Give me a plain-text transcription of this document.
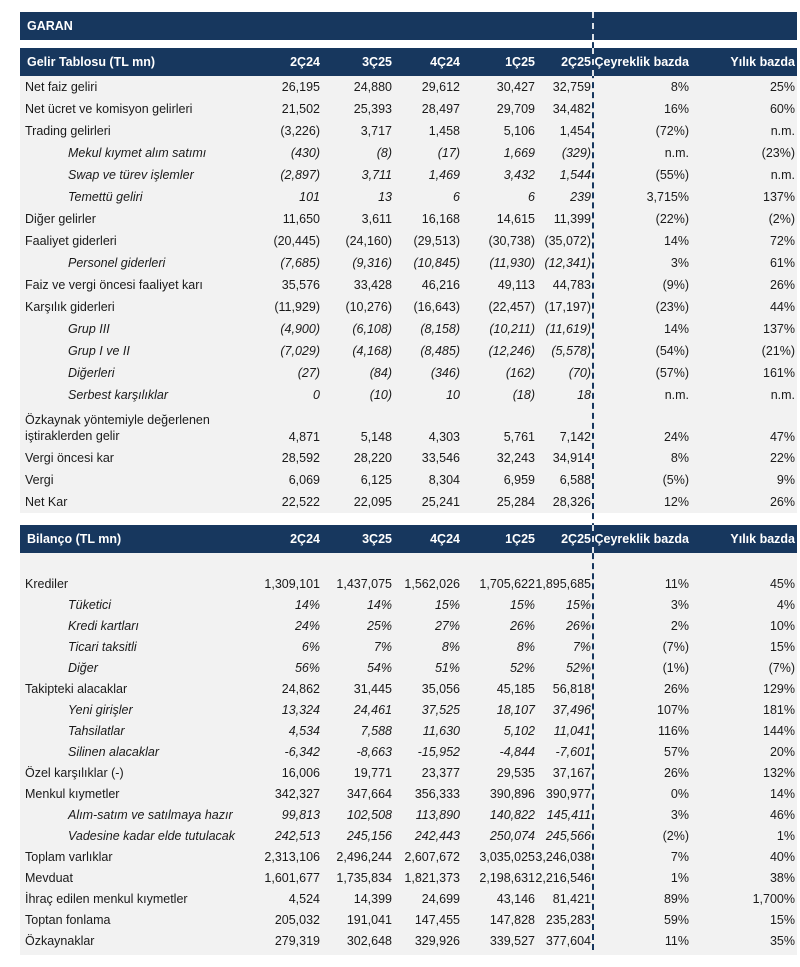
GARAN
Gelir Tablosu (TL mn)	2Ç24	3Ç25	4Ç24	1Ç25	2Ç25 Çeyreklik bazda	Yılık bazda
Net faiz geliri	26,195	24,880	29,612	30,427	32,759	8%	25%
Net ücret ve komisyon gelirleri	21,502	25,393	28,497	29,709	34,482	16%	60%
Trading gelirleri	(3,226)	3,717	1,458	5,106	1,454	(72%)	n.m.
Mekul kıymet alım satımı	(430)	(8)	(17)	1,669	(329)	n.m.	(23%)
Swap ve türev işlemler	(2,897)	3,711	1,469	3,432	1,544	(55%)	n.m.
Temettü geliri	101	13	6	6	239	3,715%	137%
Diğer gelirler	11,650	3,611	16,168	14,615	11,399	(22%)	(2%)
Faaliyet giderleri	(20,445)	(24,160)	(29,513)	(30,738) (35,072)	14%	72%
Personel giderleri	(7,685)	(9,316)	(10,845)	(11,930) (12,341)	3%	61%
Faiz ve vergi öncesi faaliyet karı	35,576	33,428	46,216	49,113	44,783	(9%)	26%
Karşılık giderleri	(11,929)	(10,276)	(16,643)	(22,457) (17,197)	(23%)	44%
Grup III	(4,900)	(6,108)	(8,158)	(10,211) (11,619)	14%	137%
Grup I ve II	(7,029)	(4,168)	(8,485)	(12,246)	(5,578)	(54%)	(21%)
Diğerleri	(27)	(84)	(346)	(162)	(70)	(57%)	161%
Serbest karşılıklar	0	(10)	10	(18)	18	n.m.	n.m.
Özkaynak yöntemiyle değerlenen iştiraklerden gelir	4,871	5,148	4,303	5,761	7,142	24%	47%
Vergi öncesi kar	28,592	28,220	33,546	32,243	34,914	8%	22%
Vergi	6,069	6,125	8,304	6,959	6,588	(5%)	9%
Net Kar	22,522	22,095	25,241	25,284	28,326	12%	26%
Bilanço (TL mn)	2Ç24	3Ç25	4Ç24	1Ç25	2Ç25 Çeyreklik bazda	Yılık bazda
Krediler	1,309,101	1,437,075 1,562,026	1,705,622 1,895,685	11%	45%
Tüketici	14%	14%	15%	15%	15%	3%	4%
Kredi kartları	24%	25%	27%	26%	26%	2%	10%
Ticari taksitli	6%	7%	8%	8%	7%	(7%)	15%
Diğer	56%	54%	51%	52%	52%	(1%)	(7%)
Takipteki alacaklar	24,862	31,445	35,056	45,185	56,818	26%	129%
Yeni girişler	13,324	24,461	37,525	18,107	37,496	107%	181%
Tahsilatlar	4,534	7,588	11,630	5,102	11,041	116%	144%
Silinen alacaklar	-6,342	-8,663	-15,952	-4,844	-7,601	57%	20%
Özel karşılıklar (-)	16,006	19,771	23,377	29,535	37,167	26%	132%
Menkul kıymetler	342,327	347,664	356,333	390,896 390,977	0%	14%
Alım-satım ve satılmaya hazır	99,813	102,508	113,890	140,822 145,411	3%	46%
Vadesine kadar elde tutulacak	242,513	245,156	242,443	250,074 245,566	(2%)	1%
Toplam varlıklar	2,313,106	2,496,244 2,607,672	3,035,025 3,246,038	7%	40%
Mevduat	1,601,677	1,735,834 1,821,373	2,198,631 2,216,546	1%	38%
İhraç edilen menkul kıymetler	4,524	14,399	24,699	43,146	81,421	89%	1,700%
Toptan fonlama	205,032	191,041	147,455	147,828 235,283	59%	15%
Özkaynaklar	279,319	302,648	329,926	339,527 377,604	11%	35%
